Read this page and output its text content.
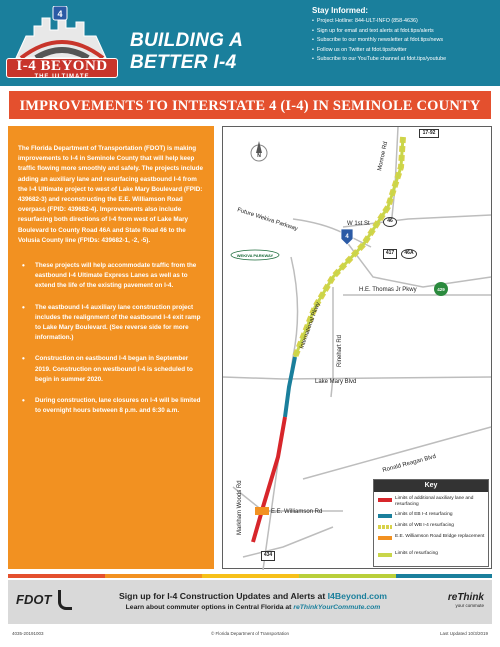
4
I-4 BEYOND
THE ULTIMATE
BUILDING A BETTER I-4
Stay Informed:
• Project Hotline: 844-ULT-INFO (858-4636)
• Sign up for email and text alerts at fdot.tips/alerts
• Subscribe to our monthly newsletter at fdot.tips/news
• Follow us on Twitter at fdot.tips/twitter
• Subscribe to our YouTube channel at fdot.tips/youtube
IMPROVEMENTS TO INTERSTATE 4 (I-4) IN SEMINOLE COUNTY

The Florida Department of Transportation (FDOT) is making improvements to I-4 in Seminole County that will help keep traffic flowing more smoothly and safely. The projects include adding an auxiliary lane and resurfacing eastbound I-4 from the I-4 Ultimate project to west of Lake Mary Boulevard (FPID: 439682-3) and reconstructing the E.E. Williamson Road overpass (FPID: 439682-4). Improvements also include resurfacing both directions of I-4 from west of Lake Mary Boulevard to County Road 46A and State Road 46 to the Volusia County line (FPIDs: 439682-1, -2, -5).

• These projects will help accommodate traffic from the eastbound I-4 Ultimate Express Lanes as well as to extend the life of the existing pavement on I-4.
• The eastbound I-4 auxiliary lane construction project includes the realignment of the eastbound I-4 exit ramp to Lake Mary Boulevard. (See reverse side for more information.)
• Construction on eastbound I-4 began in September 2019. Construction on westbound I-4 is scheduled to begin in summer 2020.
• During construction, lane closures on I-4 will be limited to overnight hours between 8 p.m. and 6:30 a.m.
N
4
WEKIVA PARKWAY
429
Monroe Rd
Future Wekiva Parkway
International Pkwy
Rinehart Rd
Ronald Reagan Blvd
Markham Woods Rd
17-92
W 1st St	46
417	46A
H.E. Thomas Jr Pkwy
Lake Mary Blvd
E.E. Williamson Rd
434
Key
Limits of additional auxiliary lane and resurfacing
Limits of EB I-4 resurfacing
Limits of WB I-4 resurfacing
E.E. Williamson Road Bridge replacement
Limits of resurfacing
FDOT	Sign up for I-4 Construction Updates and Alerts at I4Beyond.com
Learn about commuter options in Central Florida at reThinkYourCommute.com
reThink
your commute
4035-20191003	© Florida Department of Transportation	Last Updated 10/3/2019
